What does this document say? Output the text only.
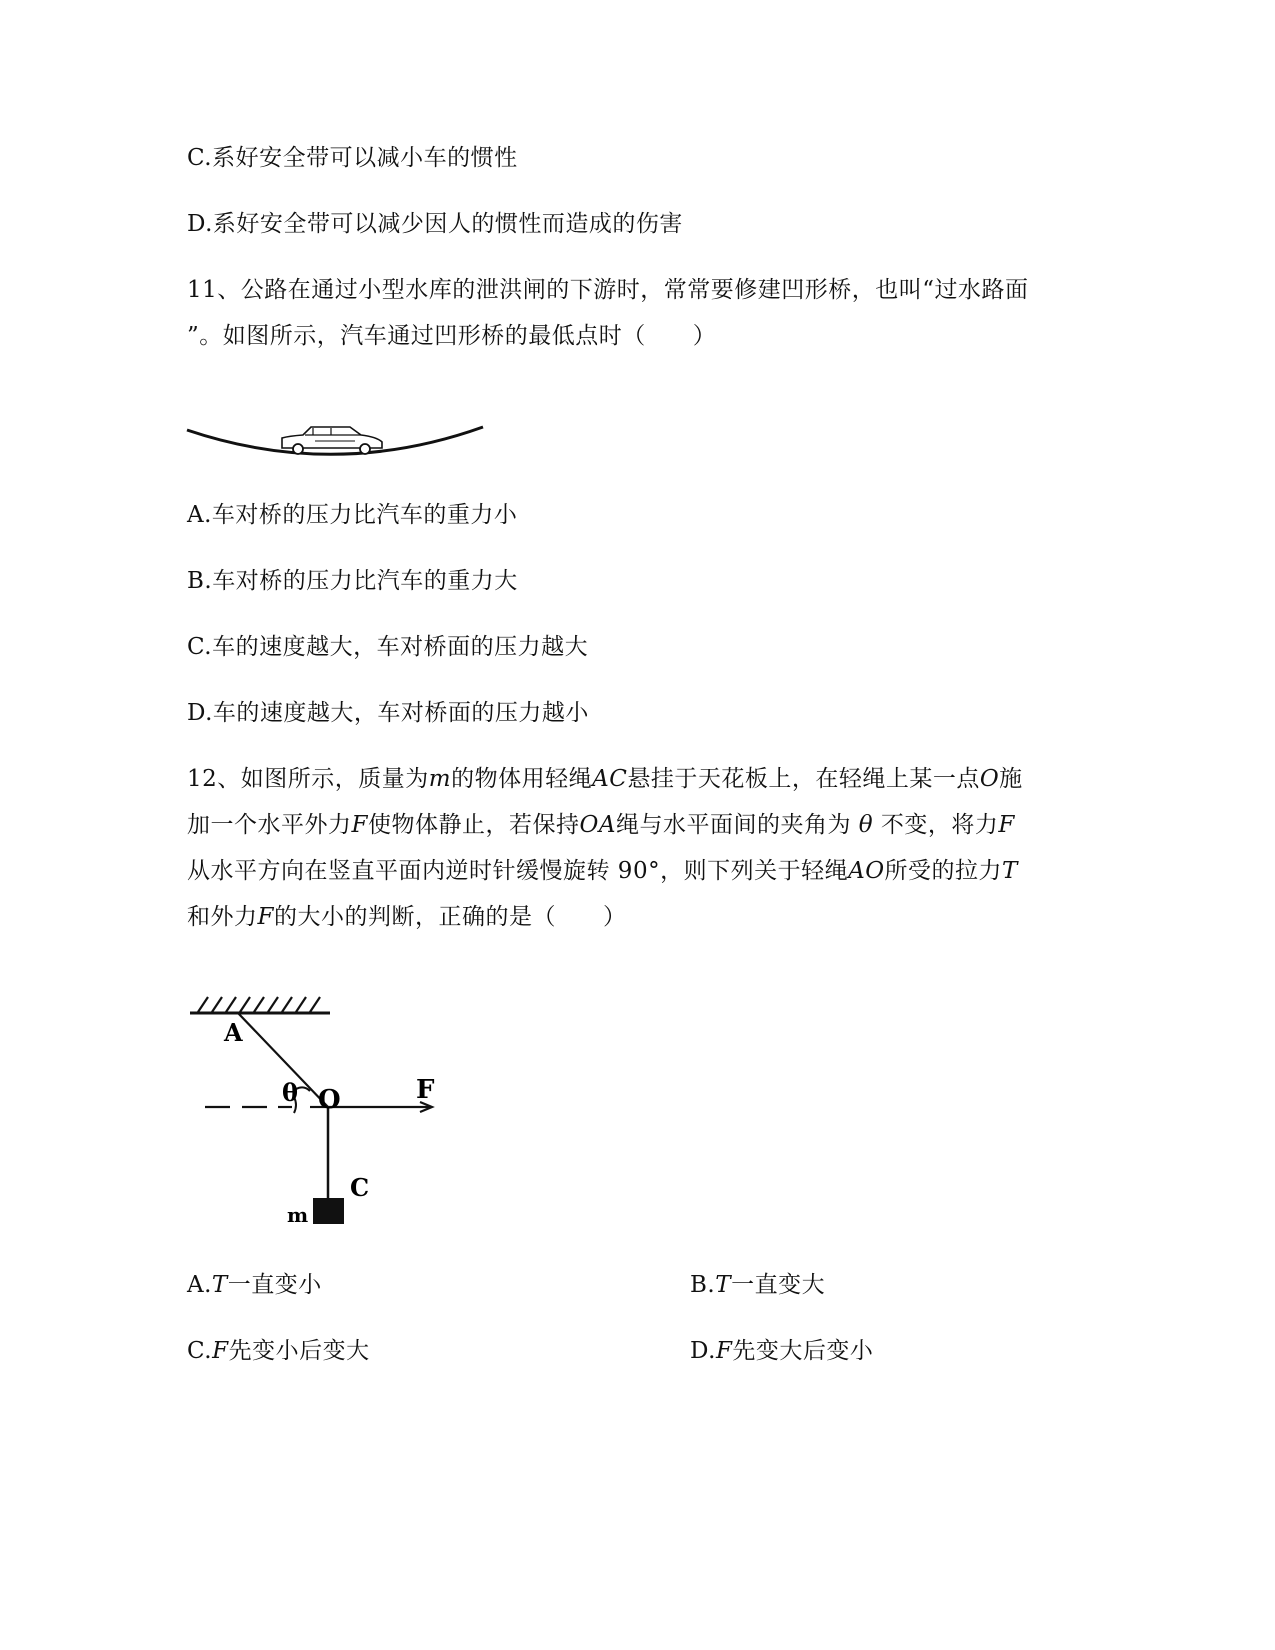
C.系好安全带可以减小车的惯性
D.系好安全带可以减少因人的惯性而造成的伤害
11、公路在通过小型水库的泄洪闸的下游时，常常要修建凹形桥，也叫“过水路面
”。如图所示，汽车通过凹形桥的最低点时（　　）
A.车对桥的压力比汽车的重力小
B.车对桥的压力比汽车的重力大
C.车的速度越大，车对桥面的压力越大
D.车的速度越大，车对桥面的压力越小
12、如图所示，质量为m的物体用轻绳AC悬挂于天花板上，在轻绳上某一点O施
加一个水平外力F使物体静止，若保持OA绳与水平面间的夹角为 θ 不变，将力F
从水平方向在竖直平面内逆时针缓慢旋转 90°，则下列关于轻绳AO所受的拉力T
和外力F的大小的判断，正确的是（　　）
A
θ O	F
C
m
A.T一直变小	B.T一直变大
C.F先变小后变大	D.F先变大后变小
